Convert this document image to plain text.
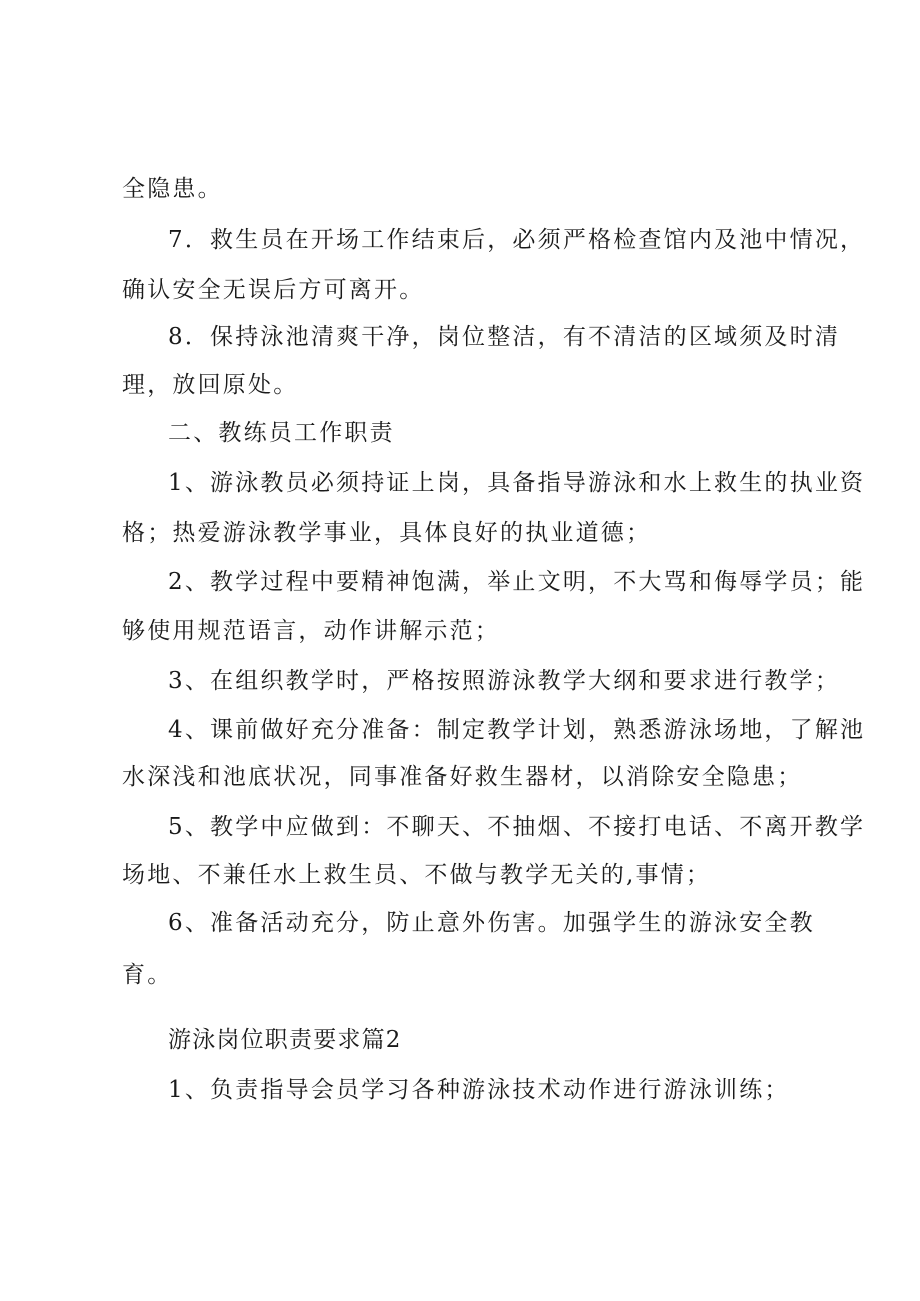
全隐患。
7．救生员在开场工作结束后，必须严格检查馆内及池中情况，
确认安全无误后方可离开。
8．保持泳池清爽干净，岗位整洁，有不清洁的区域须及时清
理，放回原处。
二、教练员工作职责
1、游泳教员必须持证上岗，具备指导游泳和水上救生的执业资
格；热爱游泳教学事业，具体良好的执业道德；
2、教学过程中要精神饱满，举止文明，不大骂和侮辱学员；能
够使用规范语言，动作讲解示范；
3、在组织教学时，严格按照游泳教学大纲和要求进行教学；
4、课前做好充分准备：制定教学计划，熟悉游泳场地，了解池
水深浅和池底状况，同事准备好救生器材，以消除安全隐患；
5、教学中应做到：不聊天、不抽烟、不接打电话、不离开教学
场地、不兼任水上救生员、不做与教学无关的,事情；
6、准备活动充分，防止意外伤害。加强学生的游泳安全教
育。
游泳岗位职责要求篇2
1、负责指导会员学习各种游泳技术动作进行游泳训练；
